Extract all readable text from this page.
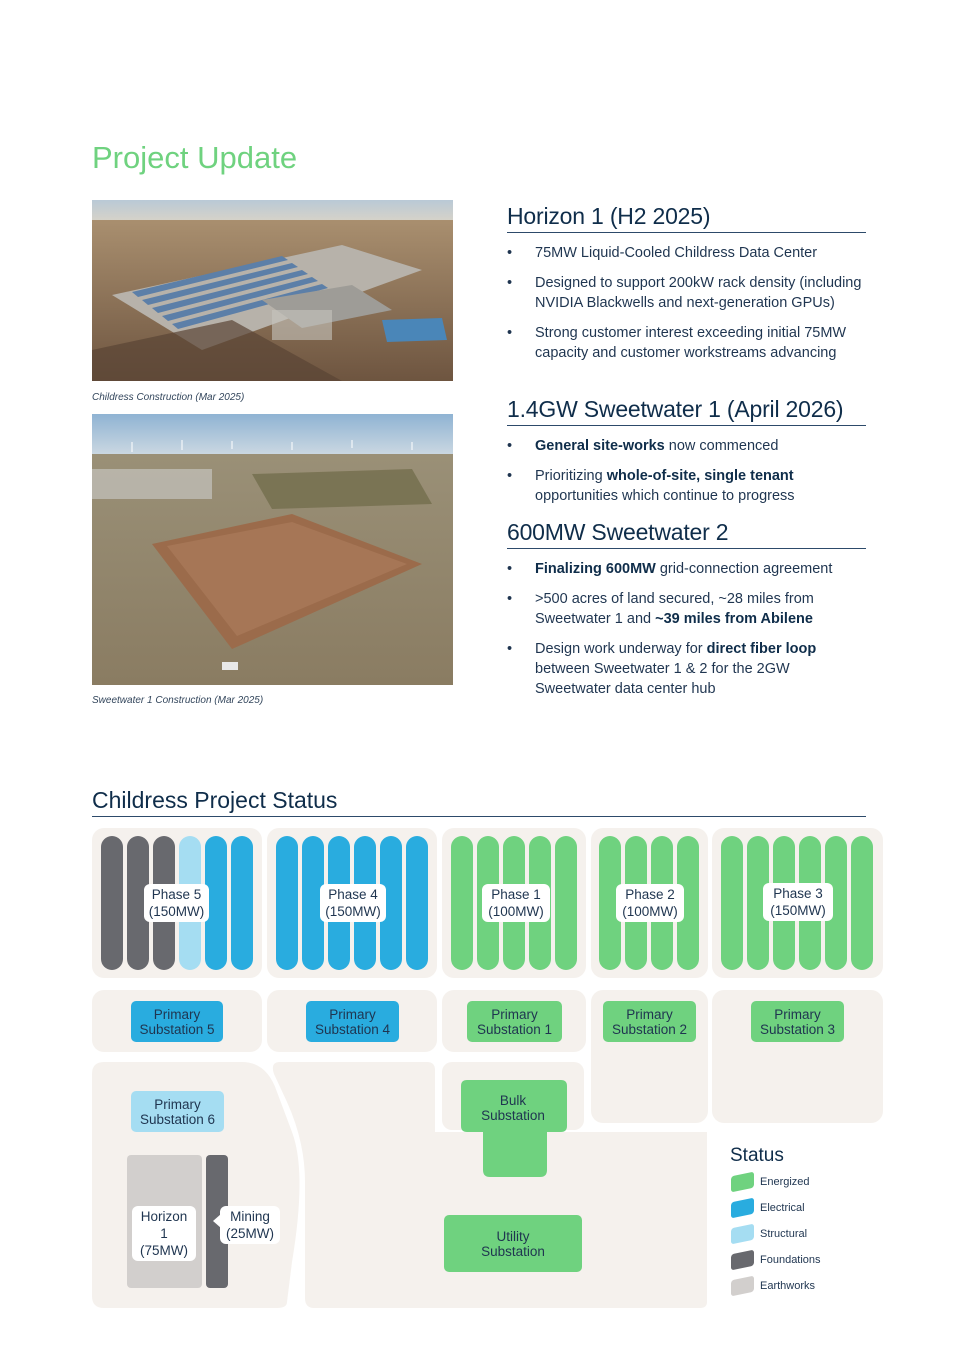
Project Update
Childress Construction (Mar 2025)
Sweetwater 1 Construction (Mar 2025)
Horizon 1 (H2 2025)
• 75MW Liquid-Cooled Childress Data Center
• Designed to support 200kW rack density (including NVIDIA Blackwells and next-generation GPUs)
• Strong customer interest exceeding initial 75MW capacity and customer workstreams advancing
1.4GW Sweetwater 1 (April 2026)
• General site-works now commenced
• Prioritizing whole-of-site, single tenant opportunities which continue to progress
600MW Sweetwater 2
• Finalizing 600MW grid-connection agreement
• >500 acres of land secured, ~28 miles from Sweetwater 1 and ~39 miles from Abilene
• Design work underway for direct fiber loop between Sweetwater 1 & 2 for the 2GW Sweetwater data center hub
Childress Project Status
Phase 5
(150MW)
Phase 4
(150MW)
Phase 1
(100MW)
Phase 2
(100MW)
Phase 3
(150MW)
Primary
Substation 5
Primary
Substation 4
Primary
Substation 1
Primary
Substation 2
Primary
Substation 3
Primary
Substation 6
Bulk
Substation
Utility
Substation
Horizon 1
(75MW)
Mining
(25MW)
Status
Energized
Electrical
Structural
Foundations
Earthworks
